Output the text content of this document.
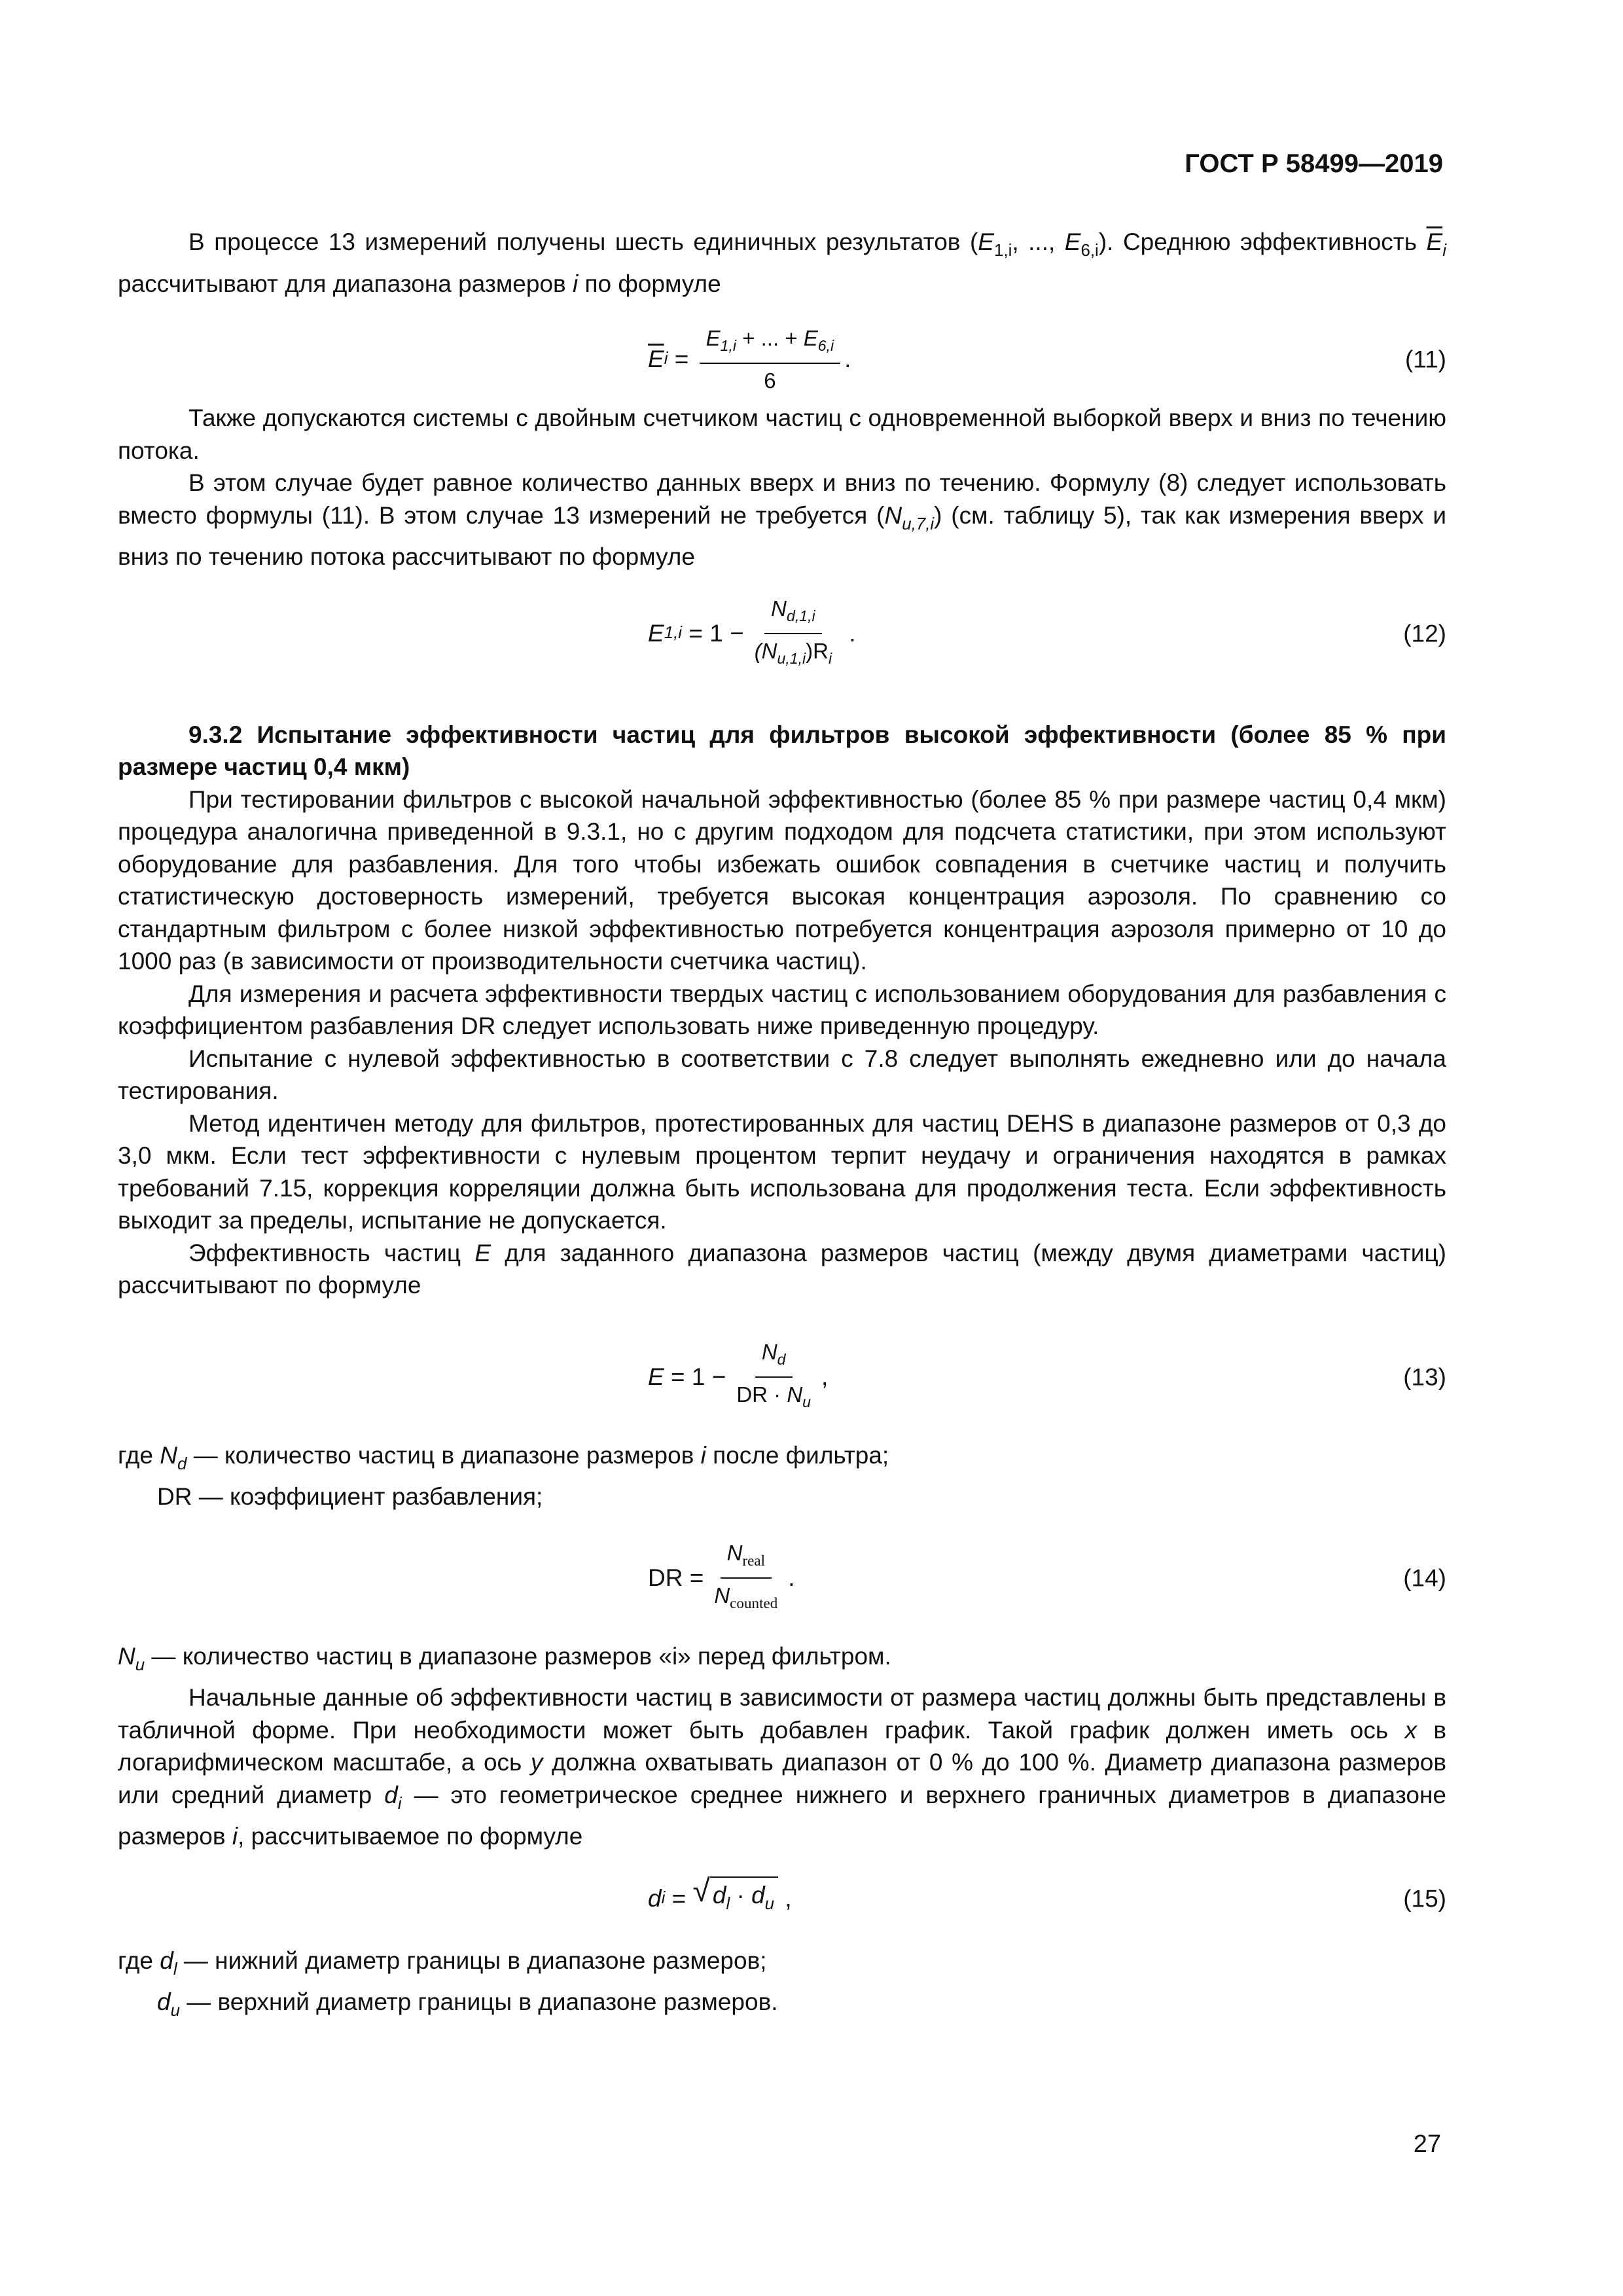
ГОСТ Р 58499—2019

В процессе 13 измерений получены шесть единичных результатов ($E_{1,i}$, ..., $E_{6,i}$). Среднюю эффективность $\overline{E}_i$ рассчитывают для диапазона размеров i по формуле

$\overline{E}$ $i = \frac{E_{1,i} + ... + E_{6,i}}{6}$ .	(11)

Также допускаются системы с двойным счетчиком частиц с одновременной выборкой вверх и вниз по течению потока.

В этом случае будет равное количество данных вверх и вниз по течению. Формулу (8) следует использовать вместо формулы (11). В этом случае 13 измерений не требуется $(N_{u,7,i})$ (см. таблицу 5), так как измерения вверх и вниз по течению потока рассчитывают по формуле

E 1,i
= $1 - \frac{N_{d,1,i}}{(N_{u,1,i})R_i}$
.	(12)

9.3.2 Испытание эффективности частиц для фильтров высокой эффективности (более 85 % при размере частиц 0,4 мкм)

При тестировании фильтров с высокой начальной эффективностью (более 85 % при размере частиц 0,4 мкм) процедура аналогична приведенной в 9.3.1, но с другим подходом для подсчета статистики, при этом используют оборудование для разбавления. Для того чтобы избежать ошибок совпадения в счетчике частиц и получить статистическую достоверность измерений, требуется высокая концентрация аэрозоля. По сравнению со стандартным фильтром с более низкой эффективностью потребуется концентрация аэрозоля примерно от 10 до 1000 раз (в зависимости от производительности счетчика частиц).

Для измерения и расчета эффективности твердых частиц с использованием оборудования для разбавления с коэффициентом разбавления DR следует использовать ниже приведенную процедуру.

Испытание с нулевой эффективностью в соответствии с 7.8 следует выполнять ежедневно или до начала тестирования.

Метод идентичен методу для фильтров, протестированных для частиц DEHS в диапазоне размеров от 0,3 до 3,0 мкм. Если тест эффективности с нулевым процентом терпит неудачу и ограничения находятся в рамках требований 7.15, коррекция корреляции должна быть использована для продолжения теста. Если эффективность выходит за пределы, испытание не допускается.

Эффективность частиц E для заданного диапазона размеров частиц (между двумя диаметрами частиц) рассчитывают по формуле

E
= $1 - \frac{N_d}{DR \cdot N_u}$ ,	(13)

где $N_d$ — количество частиц в диапазоне размеров i после фильтра;

DR — коэффициент разбавления;

DR = $\frac{N_{real}}{N_{counted}}$ .	(14)

$N_u$ — количество частиц в диапазоне размеров «i» перед фильтром.

Начальные данные об эффективности частиц в зависимости от размера частиц должны быть представлены в табличной форме. При необходимости может быть добавлен график. Такой график должен иметь ось x в логарифмическом масштабе, а ось y должна охватывать диапазон от 0 % до 100 %. Диаметр диапазона размеров или средний диаметр $d_i$ — это геометрическое среднее нижнего и верхнего граничных диаметров в диапазоне размеров i, рассчитываемое по формуле

d i
=
√ $d_l \cdot d_u$
,	(15)

где $d_l$ — нижний диаметр границы в диапазоне размеров;

$d_u$ — верхний диаметр границы в диапазоне размеров.

27
